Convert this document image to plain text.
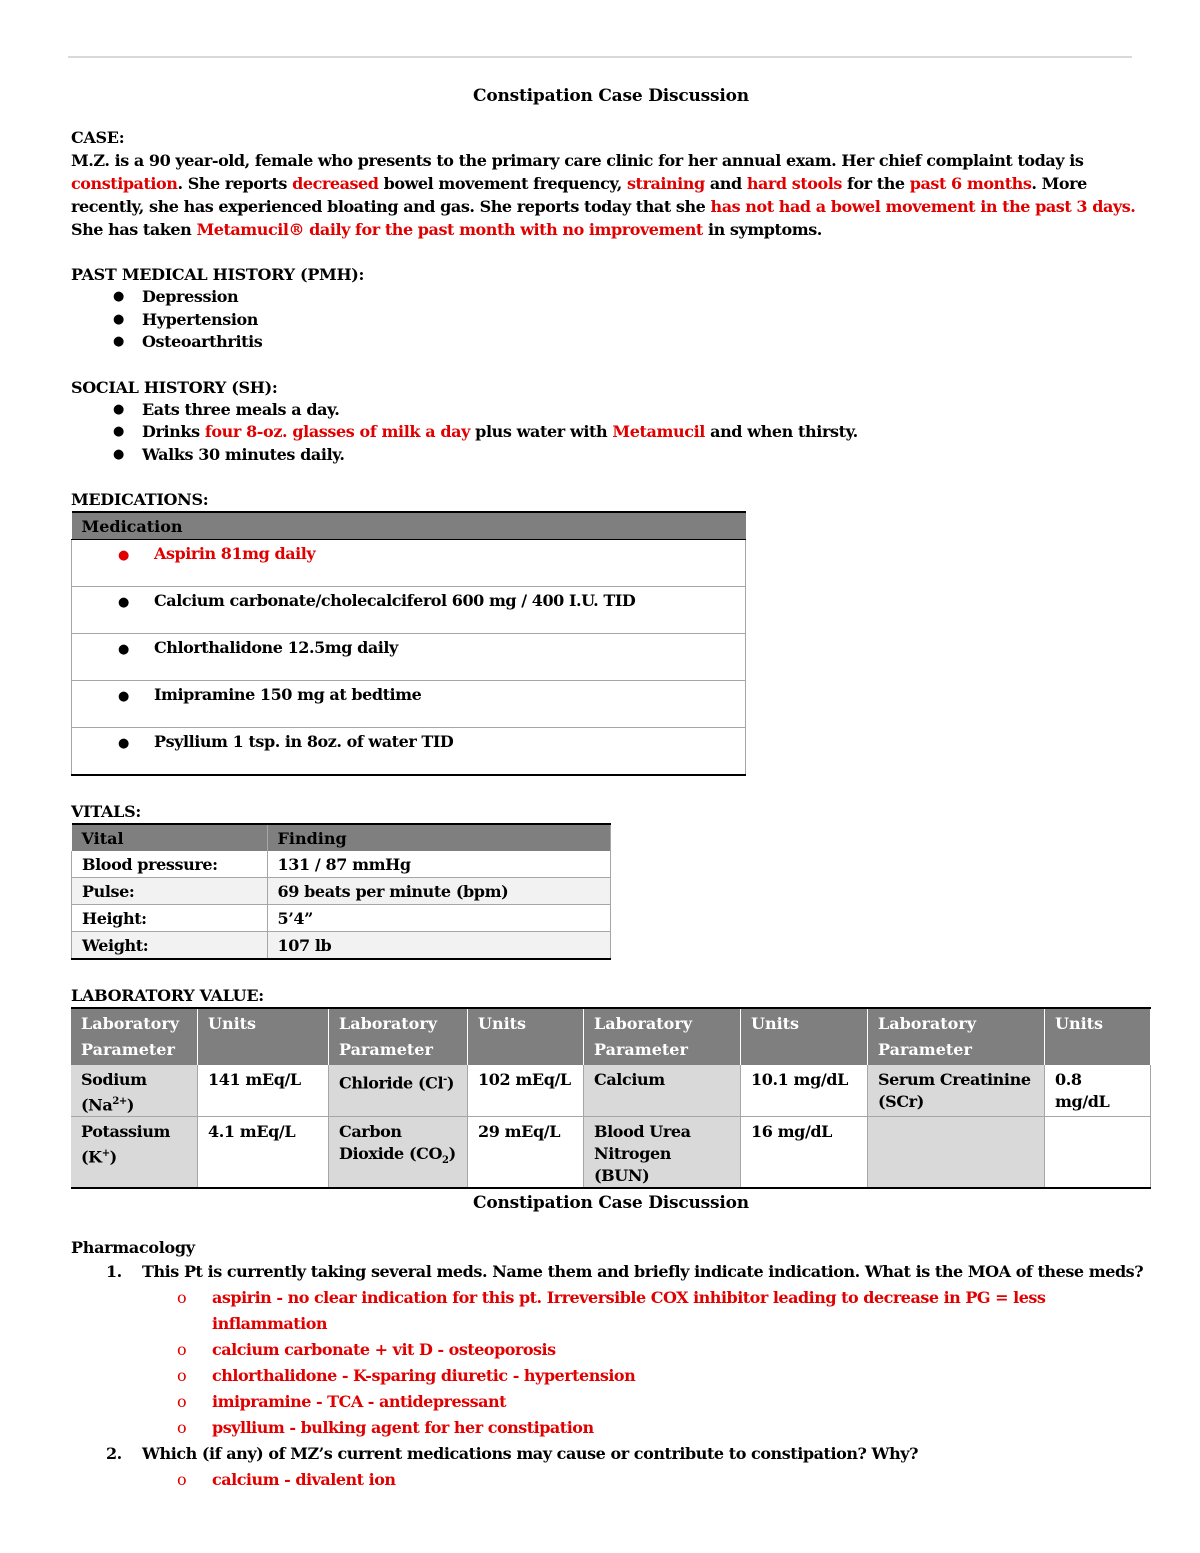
Constipation Case Discussion
CASE:
M.Z. is a 90 year-old, female who presents to the primary care clinic for her annual exam. Her chief complaint today is constipation. She reports decreased bowel movement frequency, straining and hard stools for the past 6 months. More recently, she has experienced bloating and gas. She reports today that she has not had a bowel movement in the past 3 days. She has taken Metamucil® daily for the past month with no improvement in symptoms.
PAST MEDICAL HISTORY (PMH):
● Depression
● Hypertension
● Osteoarthritis
SOCIAL HISTORY (SH):
● Eats three meals a day.
● Drinks four 8-oz. glasses of milk a day plus water with Metamucil and when thirsty.
● Walks 30 minutes daily.
MEDICATIONS:
Medication
● Aspirin 81mg daily
● Calcium carbonate/cholecalciferol 600 mg / 400 I.U. TID
● Chlorthalidone 12.5mg daily
● Imipramine 150 mg at bedtime
● Psyllium 1 tsp. in 8oz. of water TID
VITALS:
Vital	Finding
Blood pressure:	131 / 87 mmHg
Pulse:	69 beats per minute (bpm)
Height:	5’4”
Weight:	107 lb
LABORATORY VALUE:
Laboratory Parameter	Units	Laboratory Parameter	Units	Laboratory Parameter	Units	Laboratory Parameter	Units
Sodium $(Na^{2+})$	141 mEq/L	Chloride (Cl-)	102 mEq/L	Calcium	10.1 mg/dL	Serum Creatinine (SCr)	0.8 mg/dL
Potassium (K+)	4.1 mEq/L	Carbon Dioxide $(CO_2)$	29 mEq/L	Blood Urea Nitrogen (BUN)	16 mg/dL		
Constipation Case Discussion
Pharmacology
1. This Pt is currently taking several meds. Name them and briefly indicate indication. What is the MOA of these meds?
o aspirin - no clear indication for this pt. Irreversible COX inhibitor leading to decrease in PG = less inflammation
o calcium carbonate + vit D - osteoporosis
o chlorthalidone - K-sparing diuretic - hypertension
o imipramine - TCA - antidepressant
o psyllium - bulking agent for her constipation
2. Which (if any) of MZ’s current medications may cause or contribute to constipation? Why?
o calcium - divalent ion
